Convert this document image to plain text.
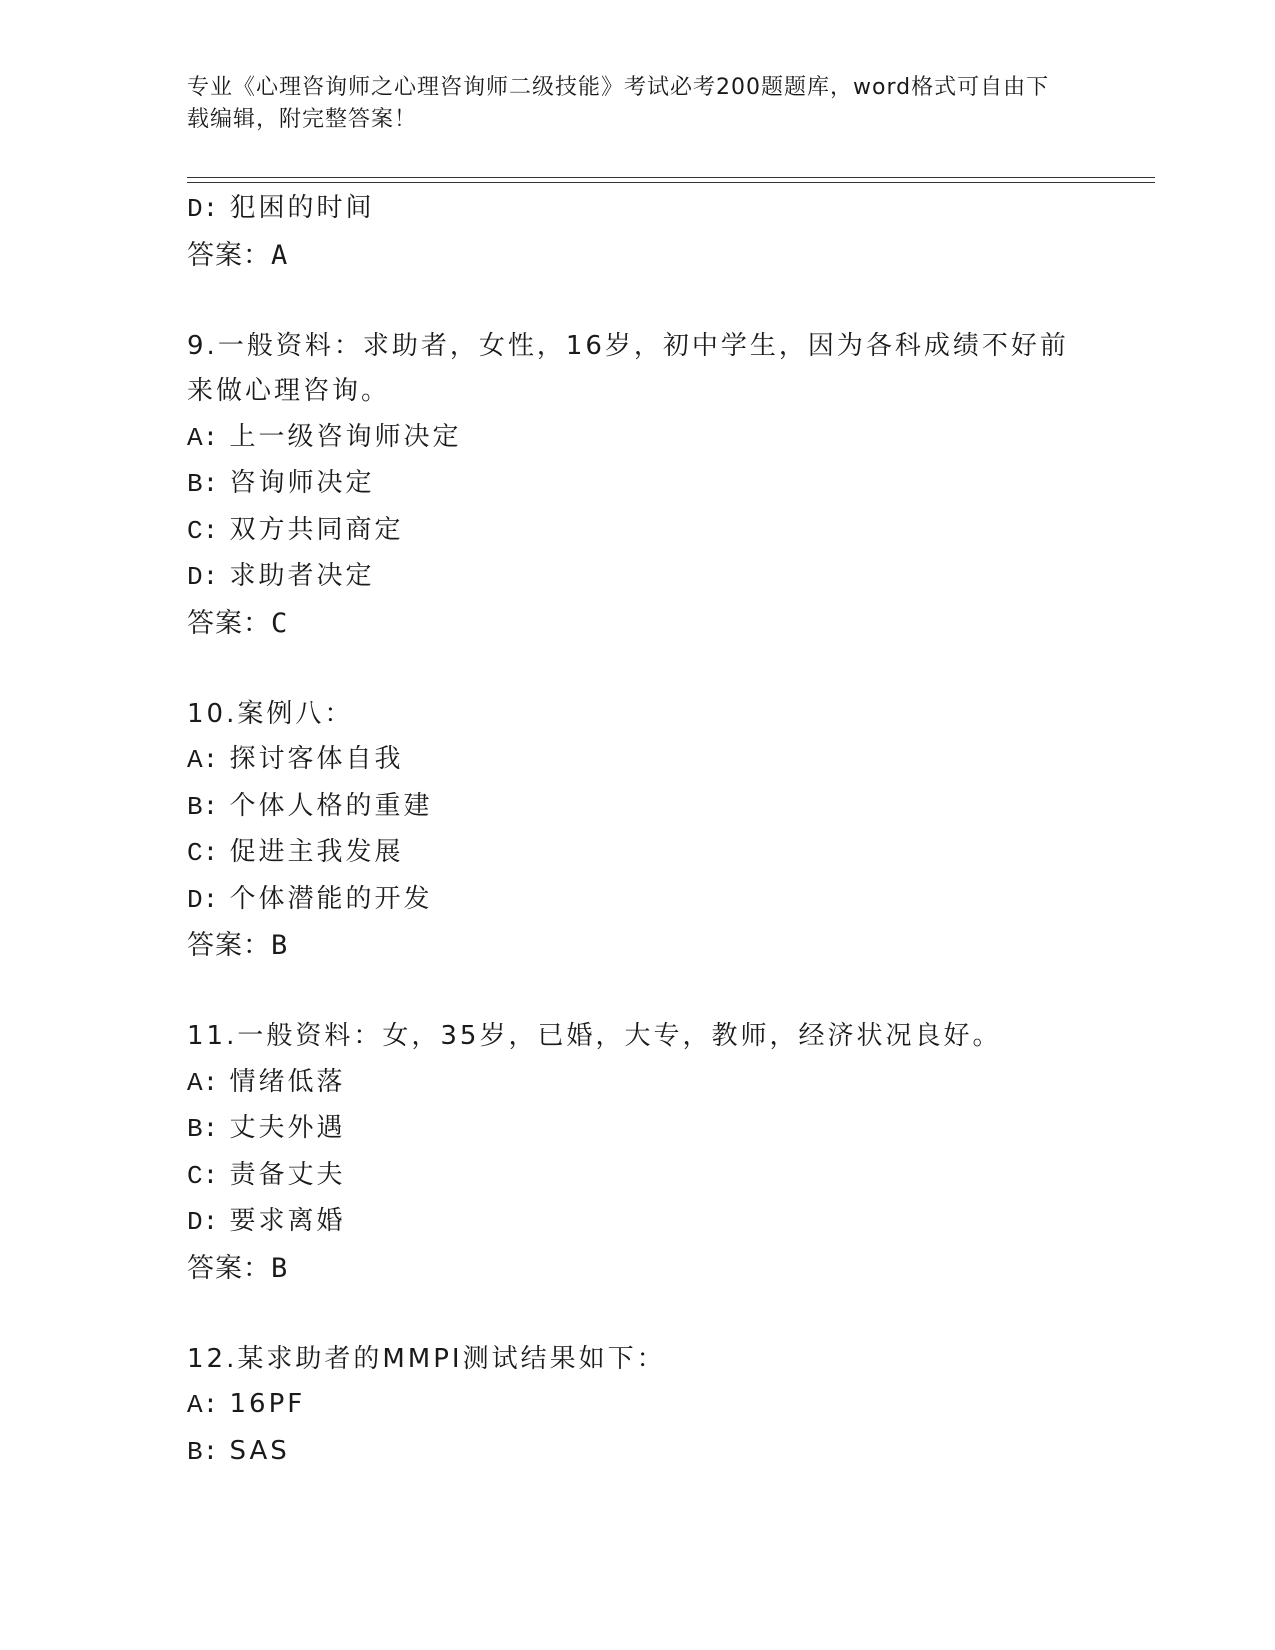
专业《心理咨询师之心理咨询师二级技能》考试必考200题题库，word格式可自由下载编辑，附完整答案！
D: 犯困的时间
答案：A
9.一般资料：求助者，女性，16岁，初中学生，因为各科成绩不好前
来做心理咨询。
A: 上一级咨询师决定
B: 咨询师决定
C: 双方共同商定
D: 求助者决定
答案：C
10.案例八：
A: 探讨客体自我
B: 个体人格的重建
C: 促进主我发展
D: 个体潜能的开发
答案：B
11.一般资料：女，35岁，已婚，大专，教师，经济状况良好。
A: 情绪低落
B: 丈夫外遇
C: 责备丈夫
D: 要求离婚
答案：B
12.某求助者的MMPI测试结果如下：
A: 16PF
B: SAS
